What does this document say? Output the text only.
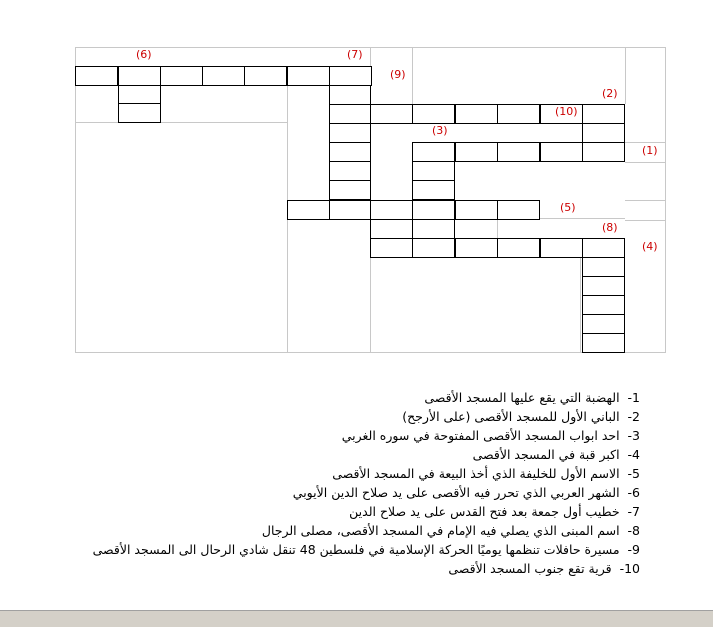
(6)	(7)
(9)
(2)
(10)
(3)
(1)
(5)
(8)
(4)
1-  الهضبة التي يقع عليها المسجد الأقصى
2-  الباني الأول للمسجد الأقصى (على الأرجح)
3-  احد ابواب المسجد الأقصى المفتوحة في سوره الغربي
4-  اكبر قبة في المسجد الأقصى
5-  الاسم الأول للخليفة الذي أخذ البيعة في المسجد الأقصى
6-  الشهر العربي الذي تحرر فيه الأقصى على يد صلاح الدين الأيوبي
7-  خطيب أول جمعة بعد فتح القدس على يد صلاح الدين
8-  اسم المبنى الذي يصلي فيه الإمام في المسجد الأقصى، مصلى الرجال
9-  مسيرة حافلات تنظمها يوميًا الحركة الإسلامية في فلسطين 48 تنقل شادي الرحال الى المسجد الأقصى
10-  قرية تقع جنوب المسجد الأقصى
